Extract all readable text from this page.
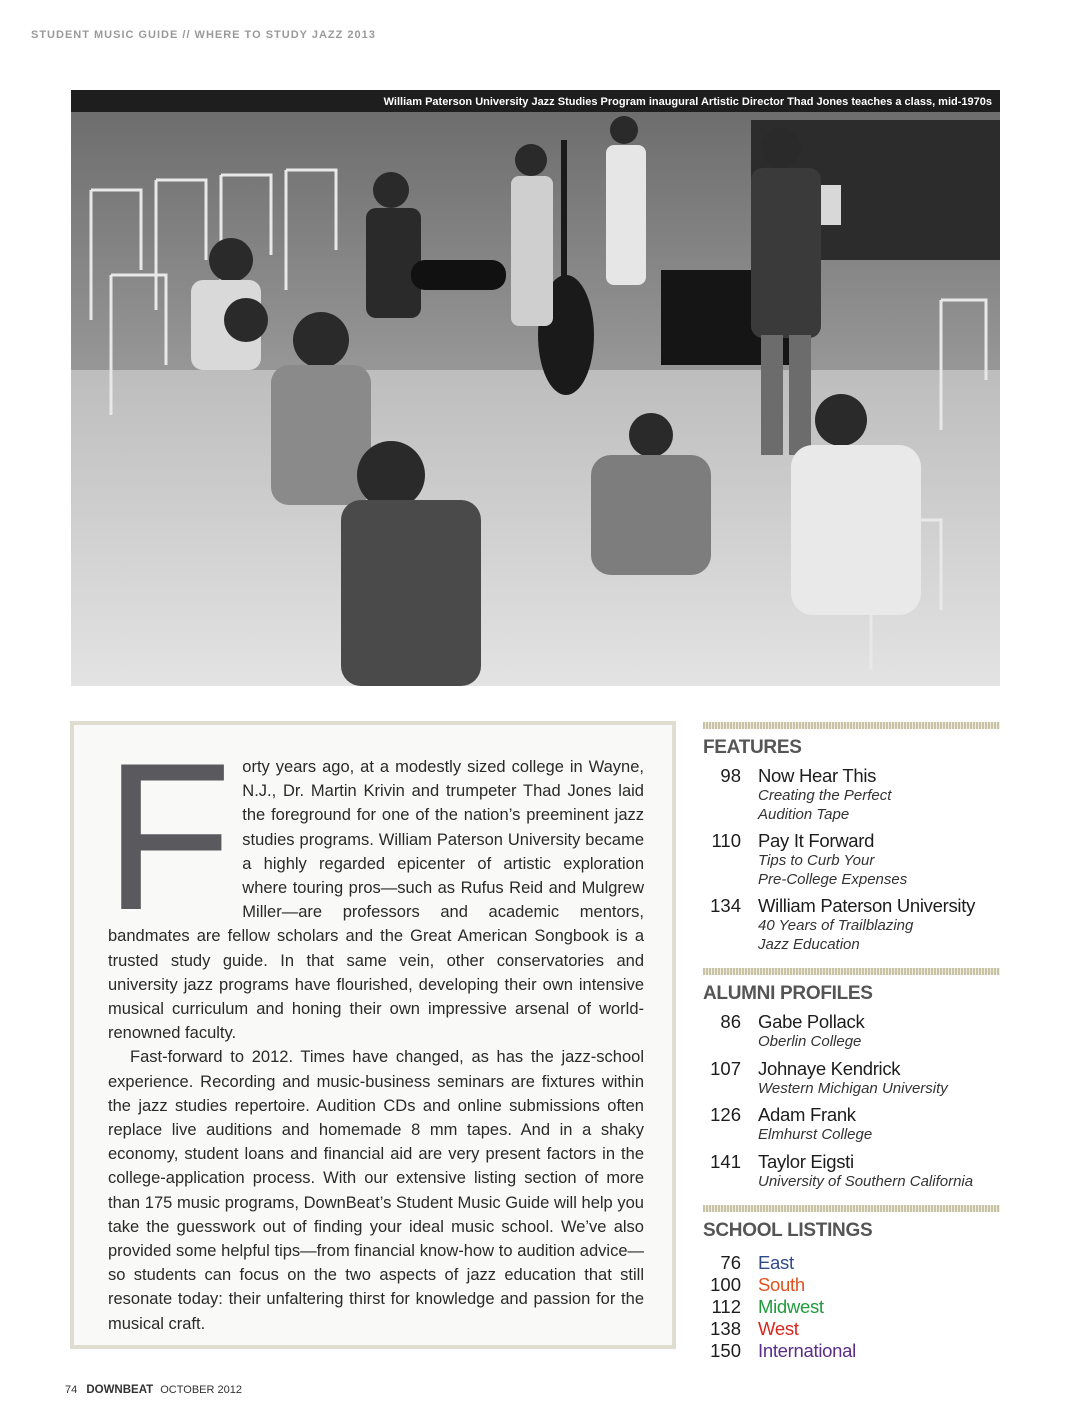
STUDENT MUSIC GUIDE // WHERE TO STUDY JAZZ 2013
William Paterson University Jazz Studies Program inaugural Artistic Director Thad Jones teaches a class, mid-1970s
F orty years ago, at a modestly sized college in Wayne, N.J., Dr. Martin Krivin and trumpeter Thad Jones laid the foreground for one of the nation’s preeminent jazz studies programs. William Paterson University became a highly regarded epicenter of artistic exploration where touring pros—such as Rufus Reid and Mulgrew Miller—are professors and academic mentors, bandmates are fellow scholars and the Great American Songbook is a trusted study guide. In that same vein, other conservatories and university jazz programs have flourished, developing their own intensive musical curriculum and honing their own impressive arsenal of world-renowned faculty.

Fast-forward to 2012. Times have changed, as has the jazz-school experience. Recording and music-business seminars are fixtures within the jazz studies repertoire. Audition CDs and online submissions often replace live auditions and homemade 8 mm tapes. And in a shaky economy, student loans and financial aid are very present factors in the college-application process. With our extensive listing section of more than 175 music programs, DownBeat’s Student Music Guide will help you take the guesswork out of finding your ideal music school. We’ve also provided some helpful tips—from financial know-how to audition advice—so students can focus on the two aspects of jazz education that still resonate today: their unfaltering thirst for knowledge and passion for the musical craft.

FEATURES
98 Now Hear This
Creating the Perfect
Audition Tape
110 Pay It Forward
Tips to Curb Your
Pre-College Expenses
134 William Paterson University
40 Years of Trailblazing
Jazz Education
ALUMNI PROFILES
86 Gabe Pollack
Oberlin College
107 Johnaye Kendrick
Western Michigan University
126 Adam Frank
Elmhurst College
141 Taylor Eigsti
University of Southern California
SCHOOL LISTINGS
76 East
100 South
112 Midwest
138 West
150 International
74 DOWNBEAT OCTOBER 2012
